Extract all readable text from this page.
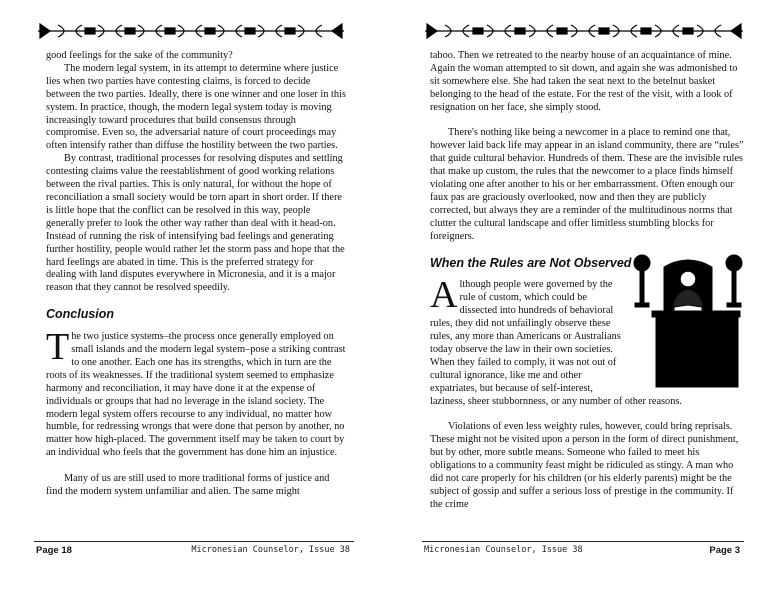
good feelings for the sake of the community?

The modern legal system, in its attempt to determine where justice lies when two parties have contesting claims, is forced to decide between the two parties. Ideally, there is one winner and one loser in this system. In practice, though, the modern legal system today is moving increasingly toward procedures that build consensus through compromise. Even so, the adversarial nature of court proceedings may often intensify rather than diffuse the hostility between the two parties.

By contrast, traditional processes for resolving disputes and settling contesting claims value the reestablishment of good working relations between the rival parties. This is only natural, for without the hope of reconciliation a small society would be torn apart in short order. If there is little hope that the conflict can be resolved in this way, people generally prefer to look the other way rather than deal with it head-on. Instead of running the risk of intensifying bad feelings and generating further hostility, people would rather let the storm pass and hope that the hard feelings are abated in time. This is the preferred strategy for dealing with land disputes everywhere in Micronesia, and it is a major reason that they cannot be resolved speedily.

Conclusion

The two justice systems–the process once generally employed on small islands and the modern legal system–pose a striking contrast to one another. Each one has its strengths, which in turn are the roots of its weaknesses. If the traditional system seemed to emphasize harmony and reconciliation, it may have done it at the expense of individuals or groups that had no leverage in the island society. The modern legal system offers recourse to any individual, no matter how humble, for redressing wrongs that were done that person by another, no matter how high-placed. The government itself may be taken to court by an individual who feels that the government has done him an injustice.

Many of us are still used to more traditional forms of justice and find the modern system unfamiliar and alien. The same might

Page 18	Micronesian Counselor, Issue 38

taboo. Then we retreated to the nearby house of an acquaintance of mine. Again the woman attempted to sit down, and again she was admonished to sit somewhere else. She had taken the seat next to the betelnut basket belonging to the head of the estate. For the rest of the visit, with a look of resignation on her face, she simply stood.

There's nothing like being a newcomer in a place to remind one that, however laid back life may appear in an island community, there are “rules” that guide cultural behavior. Hundreds of them. These are the invisible rules that make up custom, the rules that the newcomer to a place finds himself violating one after another to his or her embarrassment. Often enough our faux pas are graciously overlooked, now and then they are publicly corrected, but always they are a reminder of the multitudinous norms that clutter the cultural landscape and offer limitless stumbling blocks for foreigners.

When the Rules are Not Observed

Although people were governed by the rule of custom, which could be dissected into hundreds of behavioral rules, they did not unfailingly observe these rules, any more than Americans or Australians today observe the law in their own societies. When they failed to comply, it was not out of cultural ignorance, like me and other expatriates, but because of self-interest, laziness, sheer stubbornness, or any number of other reasons.

Violations of even less weighty rules, however, could bring reprisals. These might not be visited upon a person in the form of direct punishment, but by other, more subtle means. Someone who failed to meet his obligations to a community feast might be ridiculed as stingy. A man who did not care properly for his children (or his elderly parents) might be the subject of gossip and suffer a serious loss of prestige in the community. If the crime

Micronesian Counselor, Issue 38	Page 3
